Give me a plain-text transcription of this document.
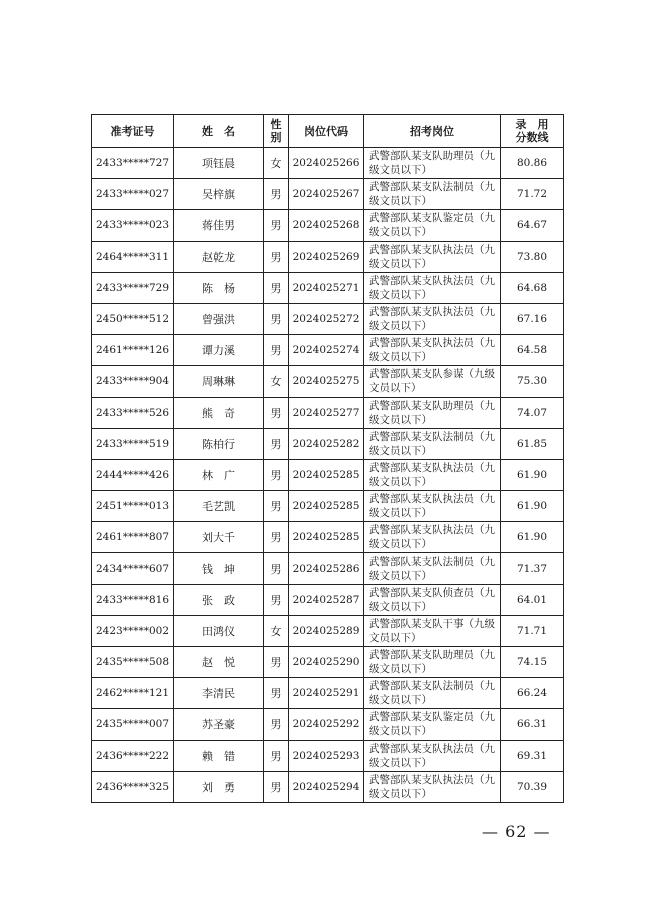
准考证号	姓　名	性别	岗位代码	招考岗位	录　用分数线
2433*****727	项钰晨	女	2024025266	武警部队某支队助理员（九级文员以下）	80.86
2433*****027	吴梓旗	男	2024025267	武警部队某支队法制员（九级文员以下）	71.72
2433*****023	蒋佳男	男	2024025268	武警部队某支队鉴定员（九级文员以下）	64.67
2464*****311	赵乾龙	男	2024025269	武警部队某支队执法员（九级文员以下）	73.80
2433*****729	陈　杨	男	2024025271	武警部队某支队执法员（九级文员以下）	64.68
2450*****512	曾强洪	男	2024025272	武警部队某支队执法员（九级文员以下）	67.16
2461*****126	谭力溪	男	2024025274	武警部队某支队执法员（九级文员以下）	64.58
2433*****904	周琳琳	女	2024025275	武警部队某支队参谋（九级文员以下）	75.30
2433*****526	熊　奇	男	2024025277	武警部队某支队助理员（九级文员以下）	74.07
2433*****519	陈柏行	男	2024025282	武警部队某支队法制员（九级文员以下）	61.85
2444*****426	林　广	男	2024025285	武警部队某支队执法员（九级文员以下）	61.90
2451*****013	毛艺凯	男	2024025285	武警部队某支队执法员（九级文员以下）	61.90
2461*****807	刘大千	男	2024025285	武警部队某支队执法员（九级文员以下）	61.90
2434*****607	钱　坤	男	2024025286	武警部队某支队法制员（九级文员以下）	71.37
2433*****816	张　政	男	2024025287	武警部队某支队侦查员（九级文员以下）	64.01
2423*****002	田鸿仪	女	2024025289	武警部队某支队干事（九级文员以下）	71.71
2435*****508	赵　悦	男	2024025290	武警部队某支队助理员（九级文员以下）	74.15
2462*****121	李清民	男	2024025291	武警部队某支队法制员（九级文员以下）	66.24
2435*****007	苏圣豪	男	2024025292	武警部队某支队鉴定员（九级文员以下）	66.31
2436*****222	赖　错	男	2024025293	武警部队某支队执法员（九级文员以下）	69.31
2436*****325	刘　勇	男	2024025294	武警部队某支队执法员（九级文员以下）	70.39
— 62 —
